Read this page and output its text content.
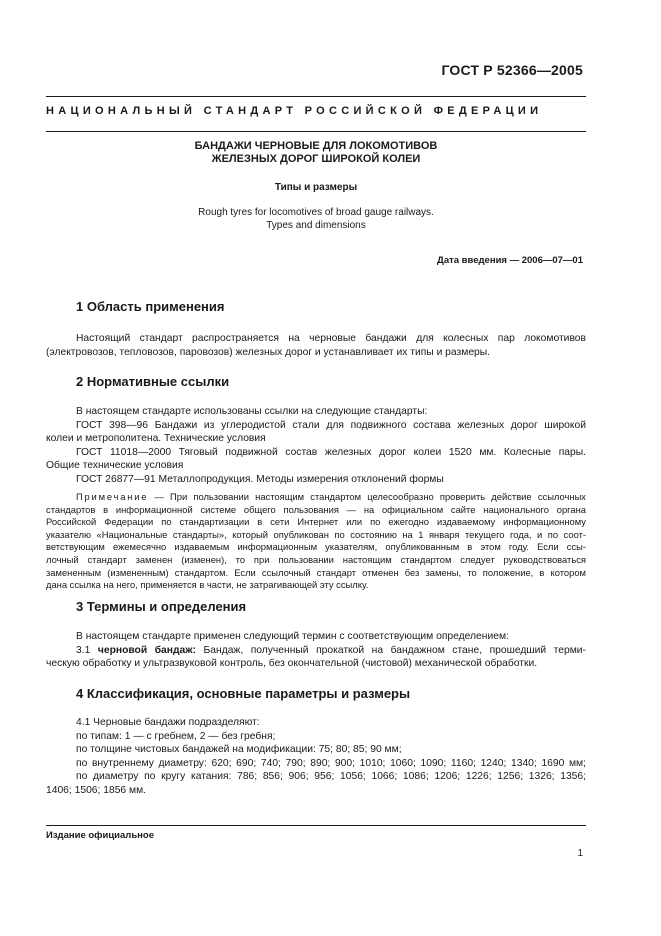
ГОСТ Р 52366—2005
НАЦИОНАЛЬНЫЙ СТАНДАРТ РОССИЙСКОЙ ФЕДЕРАЦИИ
БАНДАЖИ ЧЕРНОВЫЕ ДЛЯ ЛОКОМОТИВОВ
ЖЕЛЕЗНЫХ ДОРОГ ШИРОКОЙ КОЛЕИ
Типы и размеры
Rough tyres for locomotives of broad gauge railways.
Types and dimensions
Дата введения — 2006—07—01
1 Область применения
Настоящий стандарт распространяется на черновые бандажи для колесных пар локомотивов
(электровозов, тепловозов, паровозов) железных дорог и устанавливает их типы и размеры.
2 Нормативные ссылки
В настоящем стандарте использованы ссылки на следующие стандарты:
ГОСТ 398—96 Бандажи из углеродистой стали для подвижного состава железных дорог широкой
колеи и метрополитена. Технические условия
ГОСТ 11018—2000 Тяговый подвижной состав железных дорог колеи 1520 мм. Колесные пары.
Общие технические условия
ГОСТ 26877—91 Металлопродукция. Методы измерения отклонений формы
Примечание — При пользовании настоящим стандартом целесообразно проверить действие ссылочных
стандартов в информационной системе общего пользования — на официальном сайте национального органа
Российской Федерации по стандартизации в сети Интернет или по ежегодно издаваемому информационному
указателю «Национальные стандарты», который опубликован по состоянию на 1 января текущего года, и по соот-
ветствующим ежемесячно издаваемым информационным указателям, опубликованным в этом году. Если ссы-
лочный стандарт заменен (изменен), то при пользовании настоящим стандартом следует руководствоваться
замененным (измененным) стандартом. Если ссылочный стандарт отменен без замены, то положение, в котором
дана ссылка на него, применяется в части, не затрагивающей эту ссылку.
3 Термины и определения
В настоящем стандарте применен следующий термин с соответствующим определением:
3.1 черновой бандаж: Бандаж, полученный прокаткой на бандажном стане, прошедший терми-
ческую обработку и ультразвуковой контроль, без окончательной (чистовой) механической обработки.
4 Классификация, основные параметры и размеры
4.1 Черновые бандажи подразделяют:
по типам: 1 — с гребнем, 2 — без гребня;
по толщине чистовых бандажей на модификации: 75; 80; 85; 90 мм;
по внутреннему диаметру: 620; 690; 740; 790; 890; 900; 1010; 1060; 1090; 1160; 1240; 1340; 1690 мм;
по диаметру по кругу катания: 786; 856; 906; 956; 1056; 1066; 1086; 1206; 1226; 1256; 1326; 1356;
1406; 1506; 1856 мм.
Издание официальное
1
